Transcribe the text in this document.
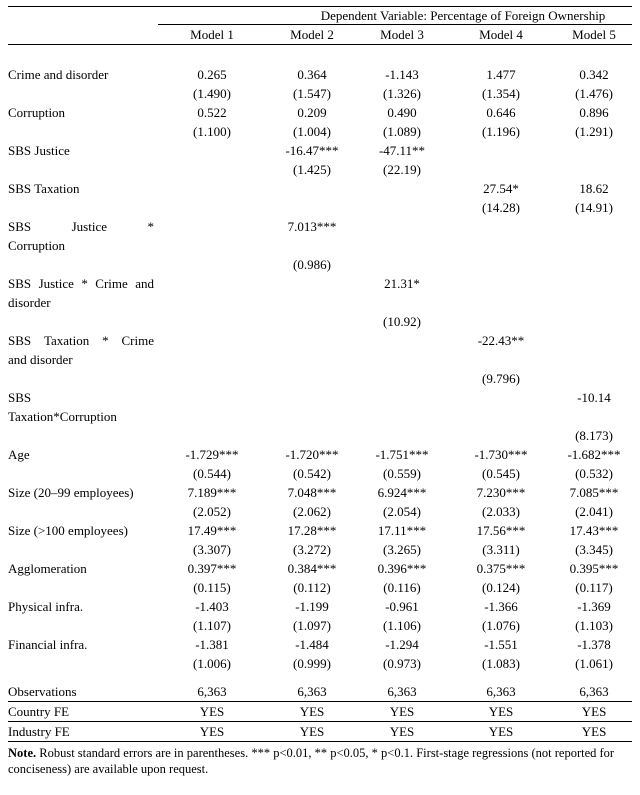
	Dependent Variable: Percentage of Foreign Ownership				

	Model 1	Model 2	Model 3	Model 4	Model 5

Crime and disorder	0.265	0.364	-1.143	1.477	0.342
	(1.490)	(1.547)	(1.326)	(1.354)	(1.476)

Corruption	0.522	0.209	0.490	0.646	0.896
	(1.100)	(1.004)	(1.089)	(1.196)	(1.291)

SBS Justice		-16.47***	-47.11**		
		(1.425)	(22.19)		

SBS Taxation				27.54*	18.62
				(14.28)	(14.91)

SBS Justice *
Corruption		7.013***			
		(0.986)			

SBS Justice * Crime and
disorder
			21.31*		
			(10.92)		

SBS Taxation * Crime
and disorder				-22.43**	
				(9.796)	

SBS
Taxation*Corruption					-10.14
					(8.173)

Age	-1.729***	-1.720***	-1.751***	-1.730***	-1.682***
	(0.544)	(0.542)	(0.559)	(0.545)	(0.532)

Size (20–99 employees)	7.189***	7.048***	6.924***	7.230***	7.085***
	(2.052)	(2.062)	(2.054)	(2.033)	(2.041)

Size (>100 employees)	17.49***	17.28***	17.11***	17.56***	17.43***
	(3.307)	(3.272)	(3.265)	(3.311)	(3.345)

Agglomeration	0.397***	0.384***	0.396***	0.375***	0.395***
	(0.115)	(0.112)	(0.116)	(0.124)	(0.117)

Physical infra.	-1.403	-1.199	-0.961	-1.366	-1.369
	(1.107)	(1.097)	(1.106)	(1.076)	(1.103)

Financial infra.	-1.381	-1.484	-1.294	-1.551	-1.378
	(1.006)	(0.999)	(0.973)	(1.083)	(1.061)

Observations	6,363	6,363	6,363	6,363	6,363
Country FE	YES	YES	YES	YES	YES
Industry FE	YES	YES	YES	YES	YES
Note. Robust standard errors are in parentheses. *** p<0.01, ** p<0.05, * p<0.1. First-stage regressions (not reported for conciseness) are available upon request.
